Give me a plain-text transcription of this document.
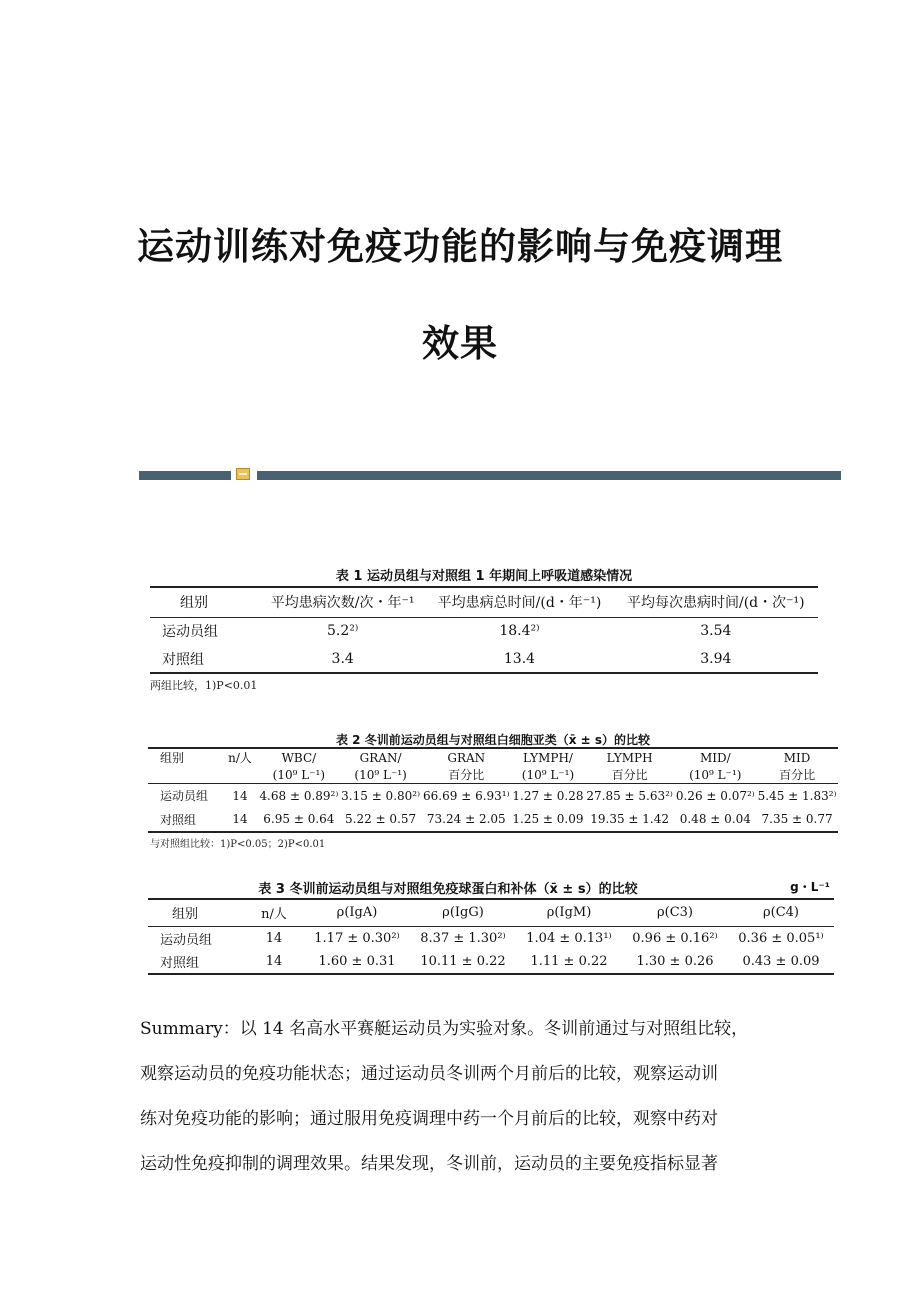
运动训练对免疫功能的影响与免疫调理
效果
表 1 运动员组与对照组 1 年期间上呼吸道感染情况
组别	平均患病次数/次・年⁻¹	平均患病总时间/(d・年⁻¹)	平均每次患病时间/(d・次⁻¹)
运动员组	5.2²⁾	18.4²⁾	3.54
对照组	3.4	13.4	3.94
两组比较，1)P<0.01
表 2 冬训前运动员组与对照组白细胞亚类（x̄ ± s）的比较
组别	n/人	WBC/	GRAN/	GRAN	LYMPH/	LYMPH	MID/	MID
		(10⁹ L⁻¹)	(10⁹ L⁻¹)	百分比	(10⁹ L⁻¹)	百分比	(10⁹ L⁻¹)	百分比
运动员组	14	4.68 ± 0.89²⁾	3.15 ± 0.80²⁾	66.69 ± 6.93¹⁾	1.27 ± 0.28	27.85 ± 5.63²⁾	0.26 ± 0.07²⁾	5.45 ± 1.83²⁾
对照组	14	6.95 ± 0.64	5.22 ± 0.57	73.24 ± 2.05	1.25 ± 0.09	19.35 ± 1.42	0.48 ± 0.04	7.35 ± 0.77
与对照组比较：1)P<0.05；2)P<0.01
表 3 冬训前运动员组与对照组免疫球蛋白和补体（x̄ ± s）的比较	g・L⁻¹
组别	n/人	ρ(IgA)	ρ(IgG)	ρ(IgM)	ρ(C3)	ρ(C4)
运动员组	14	1.17 ± 0.30²⁾	8.37 ± 1.30²⁾	1.04 ± 0.13¹⁾	0.96 ± 0.16²⁾	0.36 ± 0.05¹⁾
对照组	14	1.60 ± 0.31	10.11 ± 0.22	1.11 ± 0.22	1.30 ± 0.26	0.43 ± 0.09
Summary：以 14 名高水平赛艇运动员为实验对象。冬训前通过与对照组比较，
观察运动员的免疫功能状态；通过运动员冬训两个月前后的比较，观察运动训
练对免疫功能的影响；通过服用免疫调理中药一个月前后的比较，观察中药对
运动性免疫抑制的调理效果。结果发现，冬训前，运动员的主要免疫指标显著
